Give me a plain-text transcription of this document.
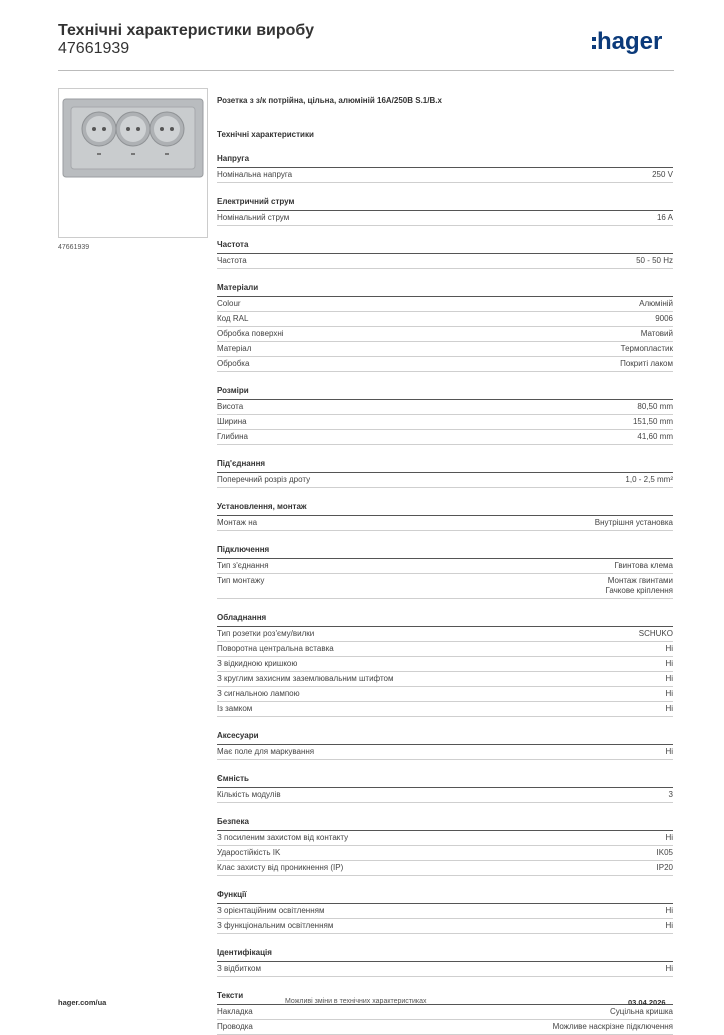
Технічні характеристики виробу
47661939	hager
47661939
Розетка з з/к потрійна, цільна, алюміній 16А/250В S.1/B.x
Технічні характеристики
Напруга
Номінальна напруга	250 V
Електричний струм
Номінальний струм	16 A
Частота
Частота	50 - 50 Hz
Матеріали
Colour	Алюміній
Код RAL	9006
Обробка поверхні	Матовий
Матеріал	Термопластик
Обробка	Покриті лаком
Розміри
Висота	80,50 mm
Ширина	151,50 mm
Глибина	41,60 mm
Під'єднання
Поперечний розріз дроту	1,0 - 2,5 mm²
Установлення, монтаж
Монтаж на	Внутрішня установка
Підключення
Тип з'єднання	Гвинтова клема
Тип монтажу	Монтаж гвинтами
Гачкове кріплення
Обладнання
Тип розетки роз'єму/вилки	SCHUKO
Поворотна центральна вставка	Ні
З відкидною кришкою	Ні
З круглим захисним заземлювальним штифтом	Ні
З сигнальною лампою	Ні
Із замком	Ні
Аксесуари
Має поле для маркування	Ні
Ємність
Кількість модулів	3
Безпека
З посиленим захистом від контакту	Ні
Ударостійкість IK	IK05
Клас захисту від проникнення (IP)	IP20
Функції
З орієнтаційним освітленням	Ні
З функціональним освітленням	Ні
Ідентифікація
З відбитком	Ні
Тексти
Накладка	Суцільна кришка
Проводка	Можливе наскрізне підключення
hager.com/ua	Можливі зміни в технічних характеристиках	03.04.2026
